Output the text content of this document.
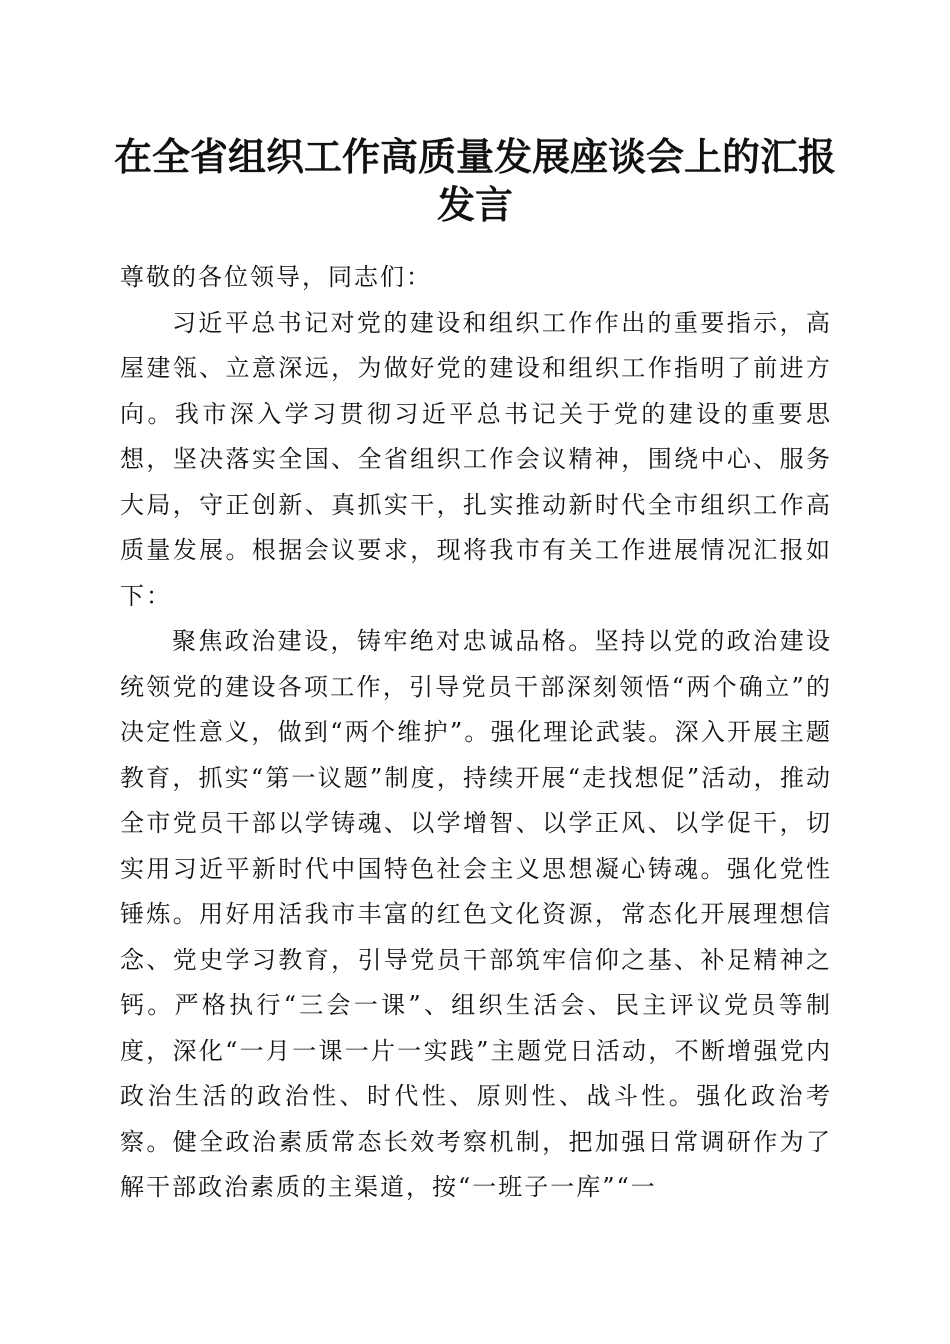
在全省组织工作高质量发展座谈会上的汇报发言

尊敬的各位领导，同志们：

习近平总书记对党的建设和组织工作作出的重要指示，高屋建瓴、立意深远，为做好党的建设和组织工作指明了前进方向。我市深入学习贯彻习近平总书记关于党的建设的重要思想，坚决落实全国、全省组织工作会议精神，围绕中心、服务大局，守正创新、真抓实干，扎实推动新时代全市组织工作高质量发展。根据会议要求，现将我市有关工作进展情况汇报如下：

聚焦政治建设，铸牢绝对忠诚品格。坚持以党的政治建设统领党的建设各项工作，引导党员干部深刻领悟“两个确立”的决定性意义，做到“两个维护”。强化理论武装。深入开展主题教育，抓实“第一议题”制度，持续开展“走找想促”活动，推动全市党员干部以学铸魂、以学增智、以学正风、以学促干，切实用习近平新时代中国特色社会主义思想凝心铸魂。强化党性锤炼。用好用活我市丰富的红色文化资源，常态化开展理想信念、党史学习教育，引导党员干部筑牢信仰之基、补足精神之钙。严格执行“三会一课”、组织生活会、民主评议党员等制度，深化“一月一课一片一实践”主题党日活动，不断增强党内政治生活的政治性、时代性、原则性、战斗性。强化政治考察。健全政治素质常态长效考察机制，把加强日常调研作为了解干部政治素质的主渠道，按“一班子一库”“一
